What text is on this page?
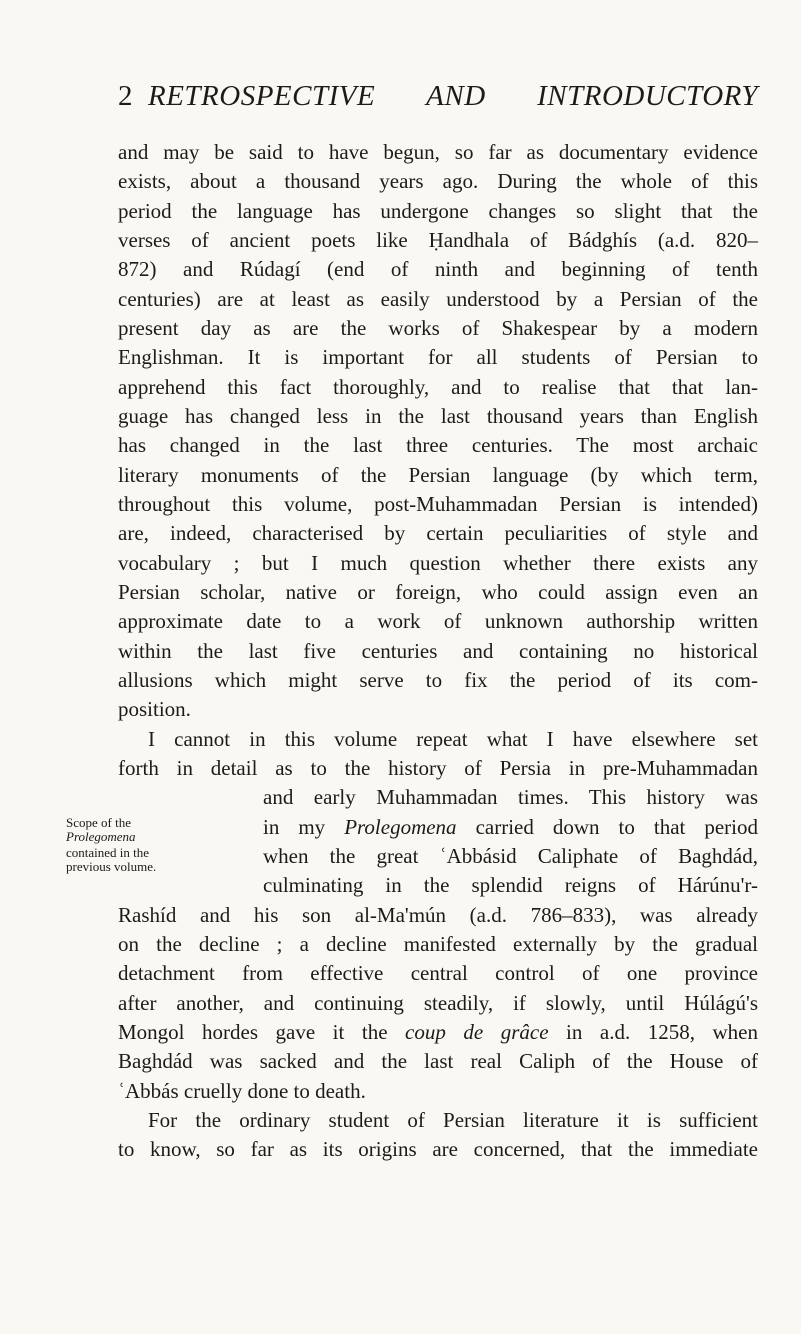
2 RETROSPECTIVE AND INTRODUCTORY
and may be said to have begun, so far as documentary evidence
exists, about a thousand years ago. During the whole of this
period the language has undergone changes so slight that the
verses of ancient poets like Ḥandhala of Bádghís (a.d. 820–
872) and Rúdagí (end of ninth and beginning of tenth
centuries) are at least as easily understood by a Persian of the
present day as are the works of Shakespear by a modern
Englishman. It is important for all students of Persian to
apprehend this fact thoroughly, and to realise that that lan-
guage has changed less in the last thousand years than English
has changed in the last three centuries. The most archaic
literary monuments of the Persian language (by which term,
throughout this volume, post-Muhammadan Persian is intended)
are, indeed, characterised by certain peculiarities of style and
vocabulary ; but I much question whether there exists any
Persian scholar, native or foreign, who could assign even an
approximate date to a work of unknown authorship written
within the last five centuries and containing no historical
allusions which might serve to fix the period of its com-
position.
I cannot in this volume repeat what I have elsewhere set
forth in detail as to the history of Persia in pre-Muhammadan
and early Muhammadan times. This history was
in my Prolegomena carried down to that period
when the great ʿAbbásid Caliphate of Baghdád,
culminating in the splendid reigns of Hárúnu'r-
Rashíd and his son al-Ma'mún (a.d. 786–833), was already
on the decline ; a decline manifested externally by the gradual
detachment from effective central control of one province
after another, and continuing steadily, if slowly, until Húlágú's
Mongol hordes gave it the coup de grâce in a.d. 1258, when
Baghdád was sacked and the last real Caliph of the House of
ʿAbbás cruelly done to death.
For the ordinary student of Persian literature it is sufficient
to know, so far as its origins are concerned, that the immediate
Scope of the
Prolegomena
contained in the
previous volume.
